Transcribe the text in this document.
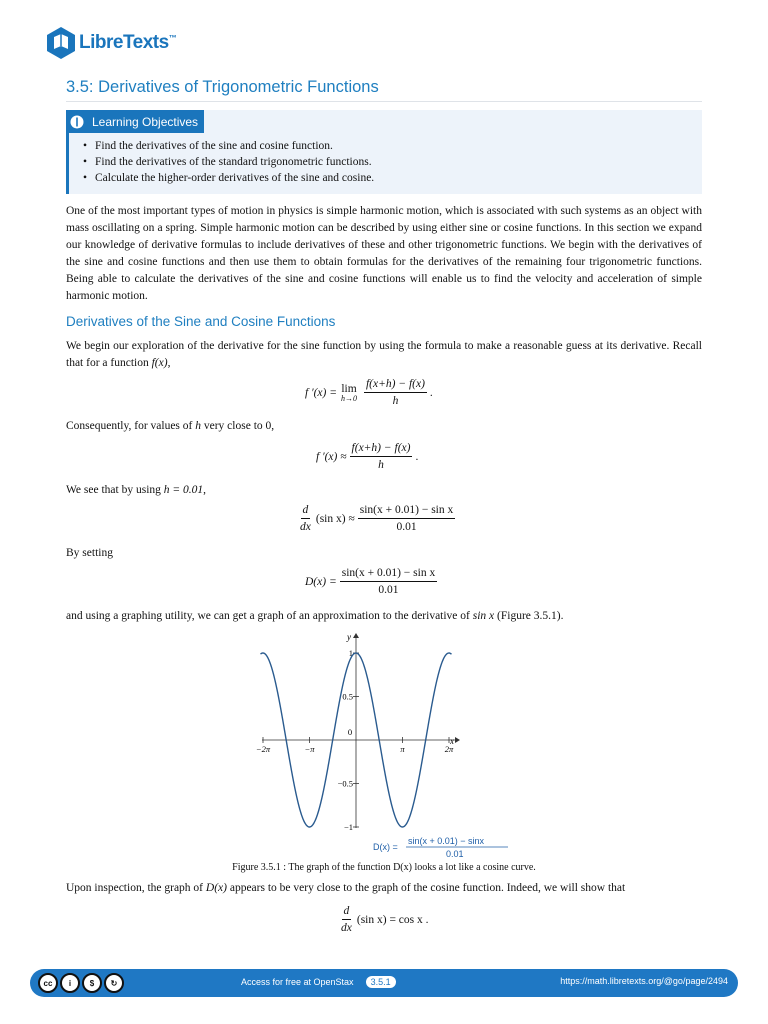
LibreTexts™
3.5: Derivatives of Trigonometric Functions
Learning Objectives
• Find the derivatives of the sine and cosine function.
• Find the derivatives of the standard trigonometric functions.
• Calculate the higher-order derivatives of the sine and cosine.

One of the most important types of motion in physics is simple harmonic motion, which is associated with such systems as an object with mass oscillating on a spring. Simple harmonic motion can be described by using either sine or cosine functions. In this section we expand our knowledge of derivative formulas to include derivatives of these and other trigonometric functions. We begin with the derivatives of the sine and cosine functions and then use them to obtain formulas for the derivatives of the remaining four trigonometric functions. Being able to calculate the derivatives of the sine and cosine functions will enable us to find the velocity and acceleration of simple harmonic motion.

Derivatives of the Sine and Cosine Functions

We begin our exploration of the derivative for the sine function by using the formula to make a reasonable guess at its derivative. Recall that for a function f(x),

f ′(x) = lim
$h\to 0 \frac{f(x+h) - f(x)}{h}$ .

Consequently, for values of h very close to 0,

f $'(x) \approx \frac{f(x+h) - f(x)}{h}$ .

We see that by using h = 0.01,

$\frac{d}{dx} (\sin$ $x) \approx \frac{\text{sin(x + 0.01) − sin x}}{0.01}$

By setting

$D(x) = \frac{\text{sin(x + 0.01) − sin x}}{0.01}$

and using a graphing utility, we can get a graph of an approximation to the derivative of sin x (Figure 3.5.1).

−2π	−π
0
π	2π
1
0.5
−0.5
−1
x
y
D(x) =
sin(x + 0.01) − sinx
0.01
Figure 3.5.1 : The graph of the function D(x) looks a lot like a cosine curve.

Upon inspection, the graph of D(x) appears to be very close to the graph of the cosine function. Indeed, we will show that

$\frac{d}{dx} (\sin$ x) = cos x .
cc	i	$	↻	Access for free at OpenStax	3.5.1	https://math.libretexts.org/@go/page/2494
